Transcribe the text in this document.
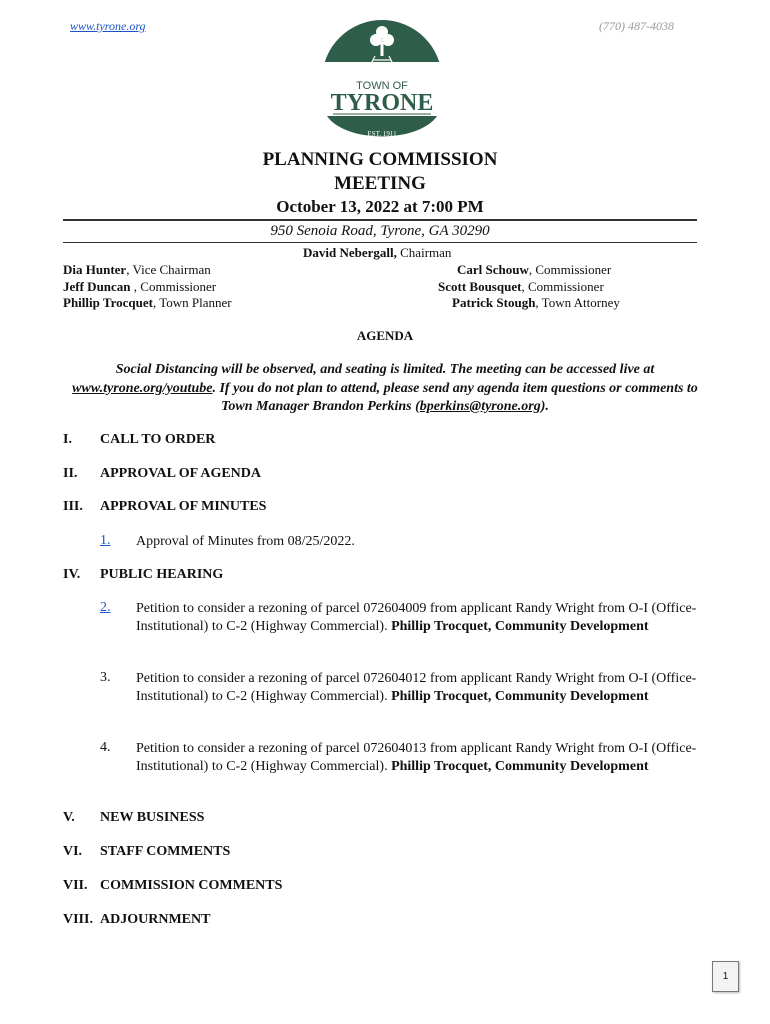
www.tyrone.org	(770) 487-4038
TOWN OF
TYRONE
• GEORGIA •
EST. 1911
PLANNING COMMISSION
MEETING
October 13, 2022 at 7:00 PM
950 Senoia Road, Tyrone, GA 30290
David Nebergall, Chairman
Dia Hunter, Vice Chairman	Carl Schouw, Commissioner
Jeff Duncan , Commissioner	Scott Bousquet, Commissioner
Phillip Trocquet, Town Planner	Patrick Stough, Town Attorney
AGENDA
Social Distancing will be observed, and seating is limited. The meeting can be accessed live at www.tyrone.org/youtube. If you do not plan to attend, please send any agenda item questions or comments to Town Manager Brandon Perkins (bperkins@tyrone.org).
I. CALL TO ORDER
II. APPROVAL OF AGENDA
III. APPROVAL OF MINUTES
1. Approval of Minutes from 08/25/2022.
IV. PUBLIC HEARING
2. Petition to consider a rezoning of parcel 072604009 from applicant Randy Wright from O-I (Office-Institutional) to C-2 (Highway Commercial). Phillip Trocquet, Community Development
3. Petition to consider a rezoning of parcel 072604012 from applicant Randy Wright from O-I (Office-Institutional) to C-2 (Highway Commercial). Phillip Trocquet, Community Development
4. Petition to consider a rezoning of parcel 072604013 from applicant Randy Wright from O-I (Office-Institutional) to C-2 (Highway Commercial). Phillip Trocquet, Community Development
V. NEW BUSINESS
VI. STAFF COMMENTS
VII. COMMISSION COMMENTS
VIII. ADJOURNMENT
1
